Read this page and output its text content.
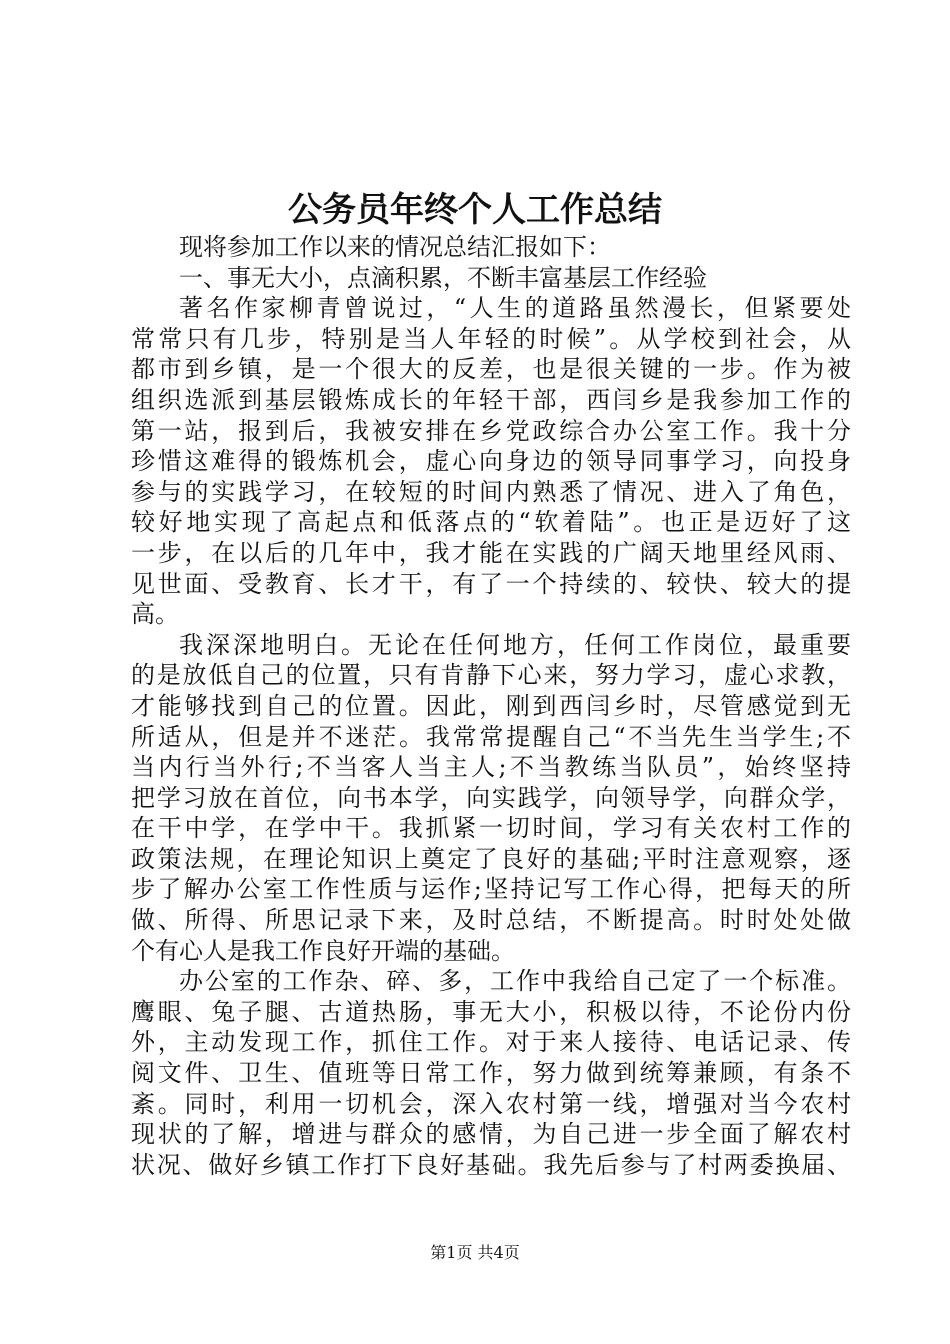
公务员年终个人工作总结
现将参加工作以来的情况总结汇报如下：
一、事无大小，点滴积累，不断丰富基层工作经验
著名作家柳青曾说过，“人生的道路虽然漫长，但紧要处
常常只有几步，特别是当人年轻的时候”。从学校到社会，从
都市到乡镇，是一个很大的反差，也是很关键的一步。作为被
组织选派到基层锻炼成长的年轻干部，西闫乡是我参加工作的
第一站，报到后，我被安排在乡党政综合办公室工作。我十分
珍惜这难得的锻炼机会，虚心向身边的领导同事学习，向投身
参与的实践学习，在较短的时间内熟悉了情况、进入了角色，
较好地实现了高起点和低落点的“软着陆”。也正是迈好了这
一步，在以后的几年中，我才能在实践的广阔天地里经风雨、
见世面、受教育、长才干，有了一个持续的、较快、较大的提
高。
我深深地明白。无论在任何地方，任何工作岗位，最重要
的是放低自己的位置，只有肯静下心来，努力学习，虚心求教，
才能够找到自己的位置。因此，刚到西闫乡时，尽管感觉到无
所适从，但是并不迷茫。我常常提醒自己“不当先生当学生;不
当内行当外行;不当客人当主人;不当教练当队员”，始终坚持
把学习放在首位，向书本学，向实践学，向领导学，向群众学，
在干中学，在学中干。我抓紧一切时间，学习有关农村工作的
政策法规，在理论知识上奠定了良好的基础;平时注意观察，逐
步了解办公室工作性质与运作;坚持记写工作心得，把每天的所
做、所得、所思记录下来，及时总结，不断提高。时时处处做
个有心人是我工作良好开端的基础。
办公室的工作杂、碎、多，工作中我给自己定了一个标准。
鹰眼、兔子腿、古道热肠，事无大小，积极以待，不论份内份
外，主动发现工作，抓住工作。对于来人接待、电话记录、传
阅文件、卫生、值班等日常工作，努力做到统筹兼顾，有条不
紊。同时，利用一切机会，深入农村第一线，增强对当今农村
现状的了解，增进与群众的感情，为自己进一步全面了解农村
状况、做好乡镇工作打下良好基础。我先后参与了村两委换届、
第1页 共4页
